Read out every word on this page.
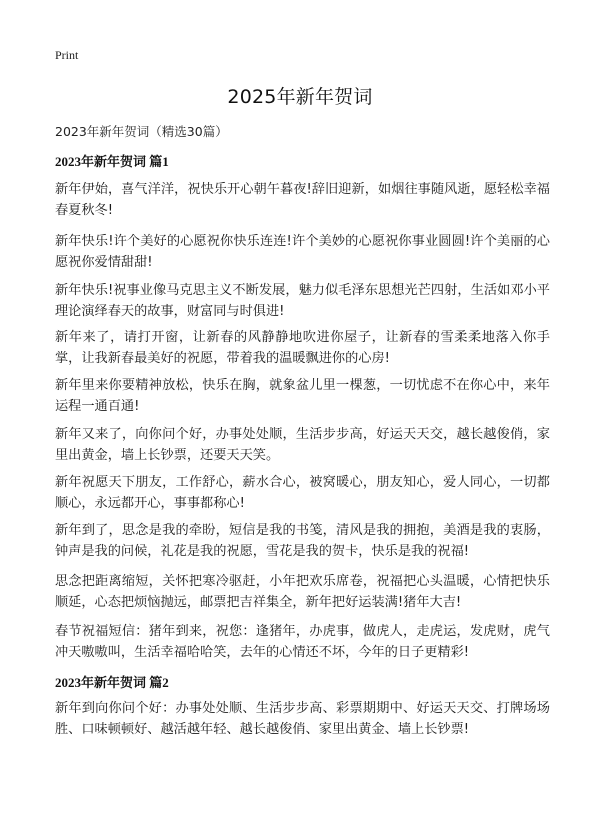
Print
2025年新年贺词
2023年新年贺词（精选30篇）
2023年新年贺词 篇1
新年伊始，喜气洋洋，祝快乐开心朝午暮夜!辞旧迎新，如烟往事随风逝，愿轻松幸福春夏秋冬!
新年快乐!许个美好的心愿祝你快乐连连!许个美妙的心愿祝你事业圆圆!许个美丽的心愿祝你爱情甜甜!
新年快乐!祝事业像马克思主义不断发展，魅力似毛泽东思想光芒四射，生活如邓小平理论演绎春天的故事，财富同与时俱进!
新年来了，请打开窗，让新春的风静静地吹进你屋子，让新春的雪柔柔地落入你手掌，让我新春最美好的祝愿，带着我的温暖飘进你的心房!
新年里来你要精神放松，快乐在胸，就象盆儿里一棵葱，一切忧虑不在你心中，来年运程一通百通!
新年又来了，向你问个好，办事处处顺，生活步步高，好运天天交，越长越俊俏，家里出黄金，墙上长钞票，还要天天笑。
新年祝愿天下朋友，工作舒心，薪水合心，被窝暖心，朋友知心，爱人同心，一切都顺心，永远都开心，事事都称心!
新年到了，思念是我的牵盼，短信是我的书笺，清风是我的拥抱，美酒是我的衷肠，钟声是我的问候，礼花是我的祝愿，雪花是我的贺卡，快乐是我的祝福!
思念把距离缩短，关怀把寒冷驱赶，小年把欢乐席卷，祝福把心头温暖，心情把快乐顺延，心态把烦恼抛远，邮票把吉祥集全，新年把好运装满!猪年大吉!
春节祝福短信：猪年到来，祝您：逢猪年，办虎事，做虎人，走虎运，发虎财，虎气冲天嗷嗷叫，生活幸福哈哈笑，去年的心情还不坏，今年的日子更精彩!
2023年新年贺词 篇2
新年到向你问个好：办事处处顺、生活步步高、彩票期期中、好运天天交、打牌场场胜、口味顿顿好、越活越年轻、越长越俊俏、家里出黄金、墙上长钞票!
